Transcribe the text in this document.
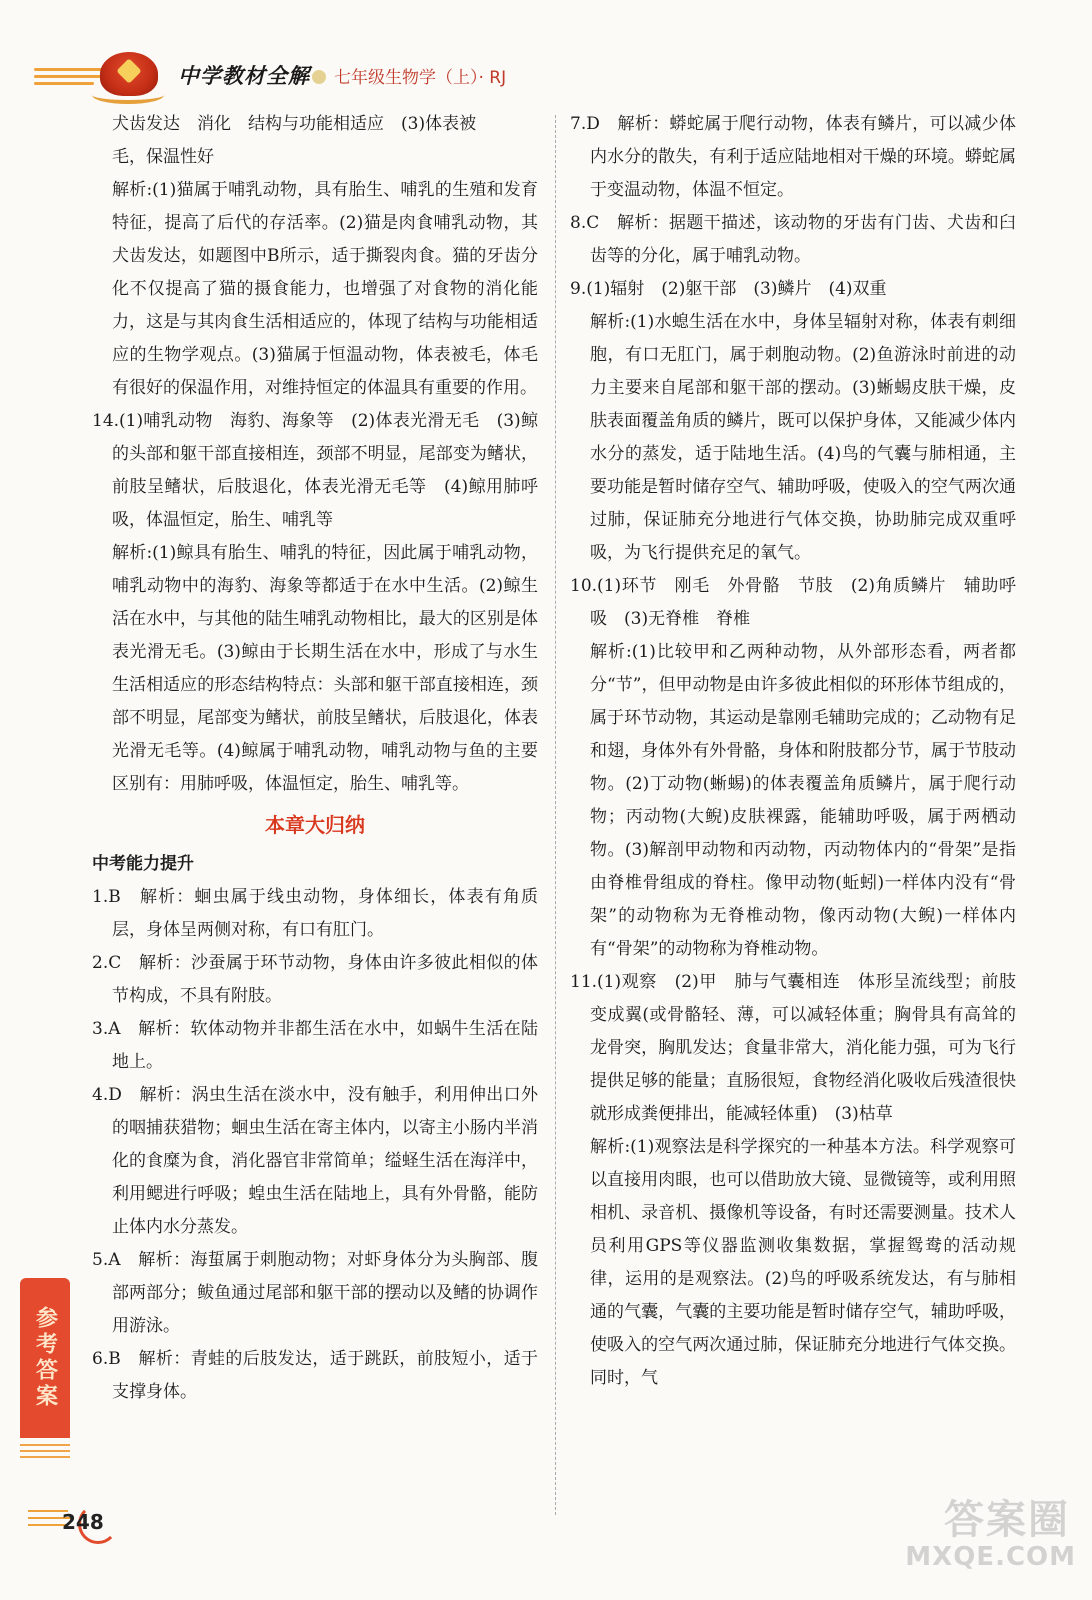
中学教材全解 七年级生物学（上）· RJ

犬齿发达　消化　结构与功能相适应　(3)体表被

毛，保温性好

解析:(1)猫属于哺乳动物，具有胎生、哺乳的生殖和发育特征，提高了后代的存活率。(2)猫是肉食哺乳动物，其犬齿发达，如题图中B所示，适于撕裂肉食。猫的牙齿分化不仅提高了猫的摄食能力，也增强了对食物的消化能力，这是与其肉食生活相适应的，体现了结构与功能相适应的生物学观点。(3)猫属于恒温动物，体表被毛，体毛有很好的保温作用，对维持恒定的体温具有重要的作用。

14.(1)哺乳动物　海豹、海象等　(2)体表光滑无毛　(3)鲸的头部和躯干部直接相连，颈部不明显，尾部变为鳍状，前肢呈鳍状，后肢退化，体表光滑无毛等　(4)鲸用肺呼吸，体温恒定，胎生、哺乳等

解析:(1)鲸具有胎生、哺乳的特征，因此属于哺乳动物，哺乳动物中的海豹、海象等都适于在水中生活。(2)鲸生活在水中，与其他的陆生哺乳动物相比，最大的区别是体表光滑无毛。(3)鲸由于长期生活在水中，形成了与水生生活相适应的形态结构特点：头部和躯干部直接相连，颈部不明显，尾部变为鳍状，前肢呈鳍状，后肢退化，体表光滑无毛等。(4)鲸属于哺乳动物，哺乳动物与鱼的主要区别有：用肺呼吸，体温恒定，胎生、哺乳等。

本章大归纳
中考能力提升

1.B　解析：蛔虫属于线虫动物，身体细长，体表有角质层，身体呈两侧对称，有口有肛门。

2.C　解析：沙蚕属于环节动物，身体由许多彼此相似的体节构成，不具有附肢。

3.A　解析：软体动物并非都生活在水中，如蜗牛生活在陆地上。

4.D　解析：涡虫生活在淡水中，没有触手，利用伸出口外的咽捕获猎物；蛔虫生活在寄主体内，以寄主小肠内半消化的食糜为食，消化器官非常简单；缢蛏生活在海洋中，利用鳃进行呼吸；蝗虫生活在陆地上，具有外骨骼，能防止体内水分蒸发。

5.A　解析：海蜇属于刺胞动物；对虾身体分为头胸部、腹部两部分；鲅鱼通过尾部和躯干部的摆动以及鳍的协调作用游泳。

6.B　解析：青蛙的后肢发达，适于跳跃，前肢短小，适于支撑身体。

7.D　解析：蟒蛇属于爬行动物，体表有鳞片，可以减少体内水分的散失，有利于适应陆地相对干燥的环境。蟒蛇属于变温动物，体温不恒定。

8.C　解析：据题干描述，该动物的牙齿有门齿、犬齿和臼齿等的分化，属于哺乳动物。

9.(1)辐射　(2)躯干部　(3)鳞片　(4)双重

解析:(1)水螅生活在水中，身体呈辐射对称，体表有刺细胞，有口无肛门，属于刺胞动物。(2)鱼游泳时前进的动力主要来自尾部和躯干部的摆动。(3)蜥蜴皮肤干燥，皮肤表面覆盖角质的鳞片，既可以保护身体，又能减少体内水分的蒸发，适于陆地生活。(4)鸟的气囊与肺相通，主要功能是暂时储存空气、辅助呼吸，使吸入的空气两次通过肺，保证肺充分地进行气体交换，协助肺完成双重呼吸，为飞行提供充足的氧气。

10.(1)环节　刚毛　外骨骼　节肢　(2)角质鳞片　辅助呼吸　(3)无脊椎　脊椎

解析:(1)比较甲和乙两种动物，从外部形态看，两者都分“节”，但甲动物是由许多彼此相似的环形体节组成的，属于环节动物，其运动是靠刚毛辅助完成的；乙动物有足和翅，身体外有外骨骼，身体和附肢都分节，属于节肢动物。(2)丁动物(蜥蜴)的体表覆盖角质鳞片，属于爬行动物；丙动物(大鲵)皮肤裸露，能辅助呼吸，属于两栖动物。(3)解剖甲动物和丙动物，丙动物体内的“骨架”是指由脊椎骨组成的脊柱。像甲动物(蚯蚓)一样体内没有“骨架”的动物称为无脊椎动物，像丙动物(大鲵)一样体内有“骨架”的动物称为脊椎动物。

11.(1)观察　(2)甲　肺与气囊相连　体形呈流线型；前肢变成翼(或骨骼轻、薄，可以减轻体重；胸骨具有高耸的龙骨突，胸肌发达；食量非常大，消化能力强，可为飞行提供足够的能量；直肠很短，食物经消化吸收后残渣很快就形成粪便排出，能减轻体重)　(3)枯草

解析:(1)观察法是科学探究的一种基本方法。科学观察可以直接用肉眼，也可以借助放大镜、显微镜等，或利用照相机、录音机、摄像机等设备，有时还需要测量。技术人员利用GPS等仪器监测收集数据，掌握鸳鸯的活动规律，运用的是观察法。(2)鸟的呼吸系统发达，有与肺相通的气囊，气囊的主要功能是暂时储存空气，辅助呼吸，使吸入的空气两次通过肺，保证肺充分地进行气体交换。同时，气

参考答案
248	答案圈
MXQE.COM
